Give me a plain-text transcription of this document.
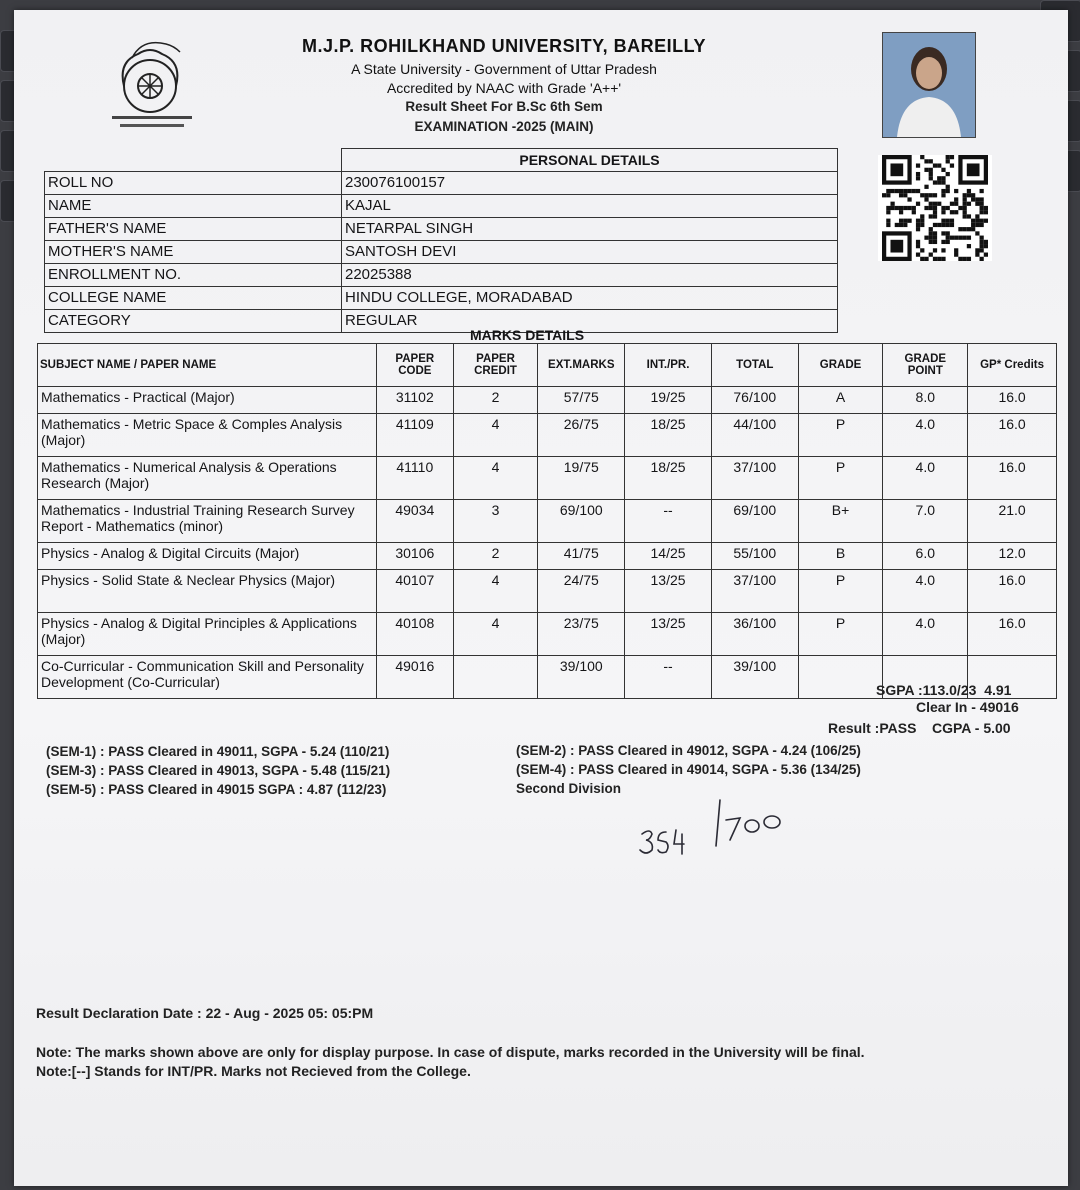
M.J.P. ROHILKHAND UNIVERSITY, BAREILLY
A State University - Government of Uttar Pradesh
Accredited by NAAC with Grade 'A++'
Result Sheet For B.Sc 6th Sem
EXAMINATION -2025 (MAIN)
	PERSONAL DETAILS
ROLL NO	230076100157
NAME	KAJAL
FATHER'S NAME	NETARPAL SINGH
MOTHER'S NAME	SANTOSH DEVI
ENROLLMENT NO.	22025388
COLLEGE NAME	HINDU COLLEGE, MORADABAD
CATEGORY	REGULAR
MARKS DETAILS
SUBJECT NAME / PAPER NAME	PAPER CODE	PAPER CREDIT	EXT.MARKS	INT./PR.	TOTAL	GRADE	GRADE POINT	GP* Credits
Mathematics - Practical (Major)	31102	2	57/75	19/25	76/100	A	8.0	16.0
Mathematics - Metric Space & Comples Analysis (Major)	41109	4	26/75	18/25	44/100	P	4.0	16.0
Mathematics - Numerical Analysis & Operations Research (Major)	41110	4	19/75	18/25	37/100	P	4.0	16.0
Mathematics - Industrial Training Research Survey Report - Mathematics (minor)	49034	3	69/100	--	69/100	B+	7.0	21.0
Physics - Analog & Digital Circuits (Major)	30106	2	41/75	14/25	55/100	B	6.0	12.0
Physics - Solid State & Neclear Physics (Major)	40107	4	24/75	13/25	37/100	P	4.0	16.0
Physics - Analog & Digital Principles & Applications (Major)	40108	4	23/75	13/25	36/100	P	4.0	16.0
Co-Curricular - Communication Skill and Personality Development (Co-Curricular)	49016		39/100	--	39/100			
SGPA :113.0/23 4.91
Clear In - 49016
Result :PASS CGPA - 5.00
(SEM-1) : PASS Cleared in 49011, SGPA - 5.24 (110/21)
(SEM-3) : PASS Cleared in 49013, SGPA - 5.48 (115/21)
(SEM-5) : PASS Cleared in 49015 SGPA : 4.87 (112/23)
(SEM-2) : PASS Cleared in 49012, SGPA - 4.24 (106/25)
(SEM-4) : PASS Cleared in 49014, SGPA - 5.36 (134/25)
Second Division
Result Declaration Date : 22 - Aug - 2025 05: 05:PM
Note: The marks shown above are only for display purpose. In case of dispute, marks recorded in the University will be final.
Note:[--] Stands for INT/PR. Marks not Recieved from the College.
